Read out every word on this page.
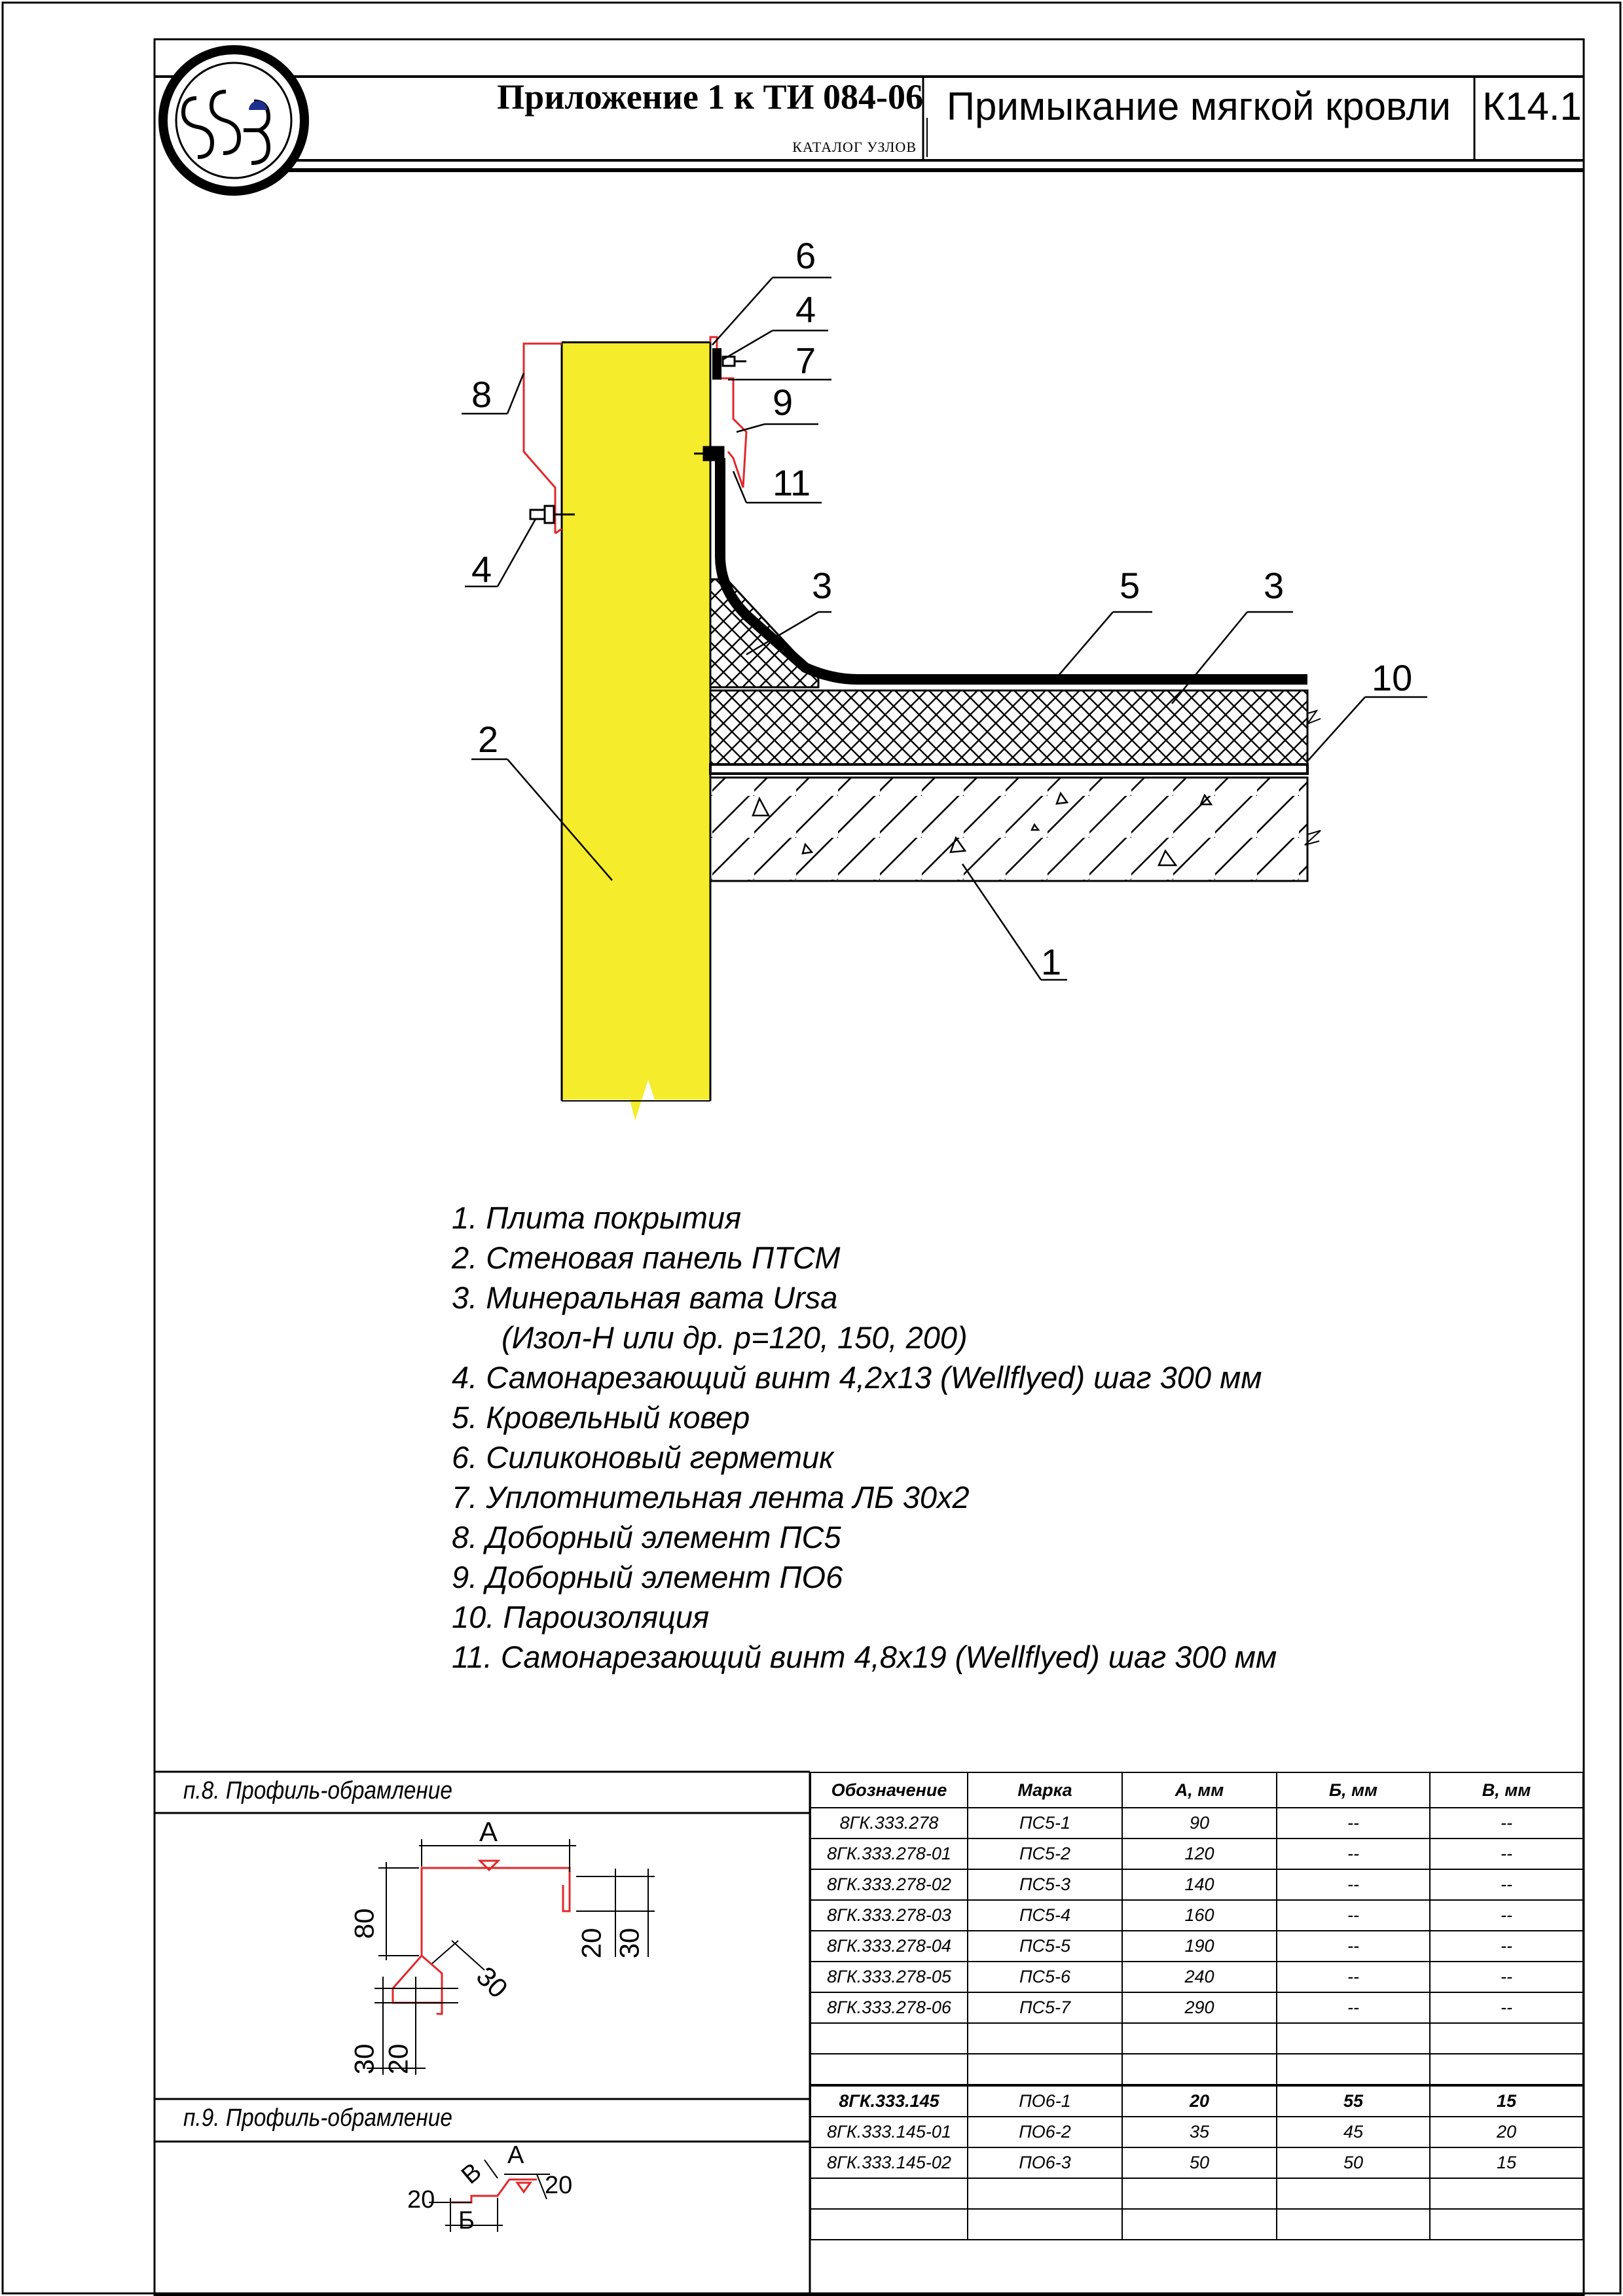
Приложение 1 к ТИ 084-06
КАТАЛОГ УЗЛОВ
Примыкание мягкой кровли К14.1
6
4
7
9
11
8
4	3	5	3
10
2
1
1. Плита покрытия
2. Стеновая панель ПТСМ
3. Минеральная вата Ursa
(Изол-Н или др. р=120, 150, 200)
4. Самонарезающий винт 4,2х13 (Wellflyed) шаг 300 мм
5. Кровельный ковер
6. Силиконовый герметик
7. Уплотнительная лента ЛБ 30х2
8. Доборный элемент ПС5
9. Доборный элемент ПО6
10. Пароизоляция
11. Самонарезающий винт 4,8х19 (Wellflyed) шаг 300 мм
п.8. Профиль-обрамление
п.9. Профиль-обрамление
А
80
30
20 30
30 20
А
В
20
20
Б
Обозначение	Марка	А, мм	Б, мм	В, мм
8ГК.333.278	ПС5-1	90	--	--
8ГК.333.278-01	ПС5-2	120	--	--
8ГК.333.278-02	ПС5-3	140	--	--
8ГК.333.278-03	ПС5-4	160	--	--
8ГК.333.278-04	ПС5-5	190	--	--
8ГК.333.278-05	ПС5-6	240	--	--
8ГК.333.278-06	ПС5-7	290	--	--

8ГК.333.145	ПО6-1	20	55	15
8ГК.333.145-01	ПО6-2	35	45	20
8ГК.333.145-02	ПО6-3	50	50	15
